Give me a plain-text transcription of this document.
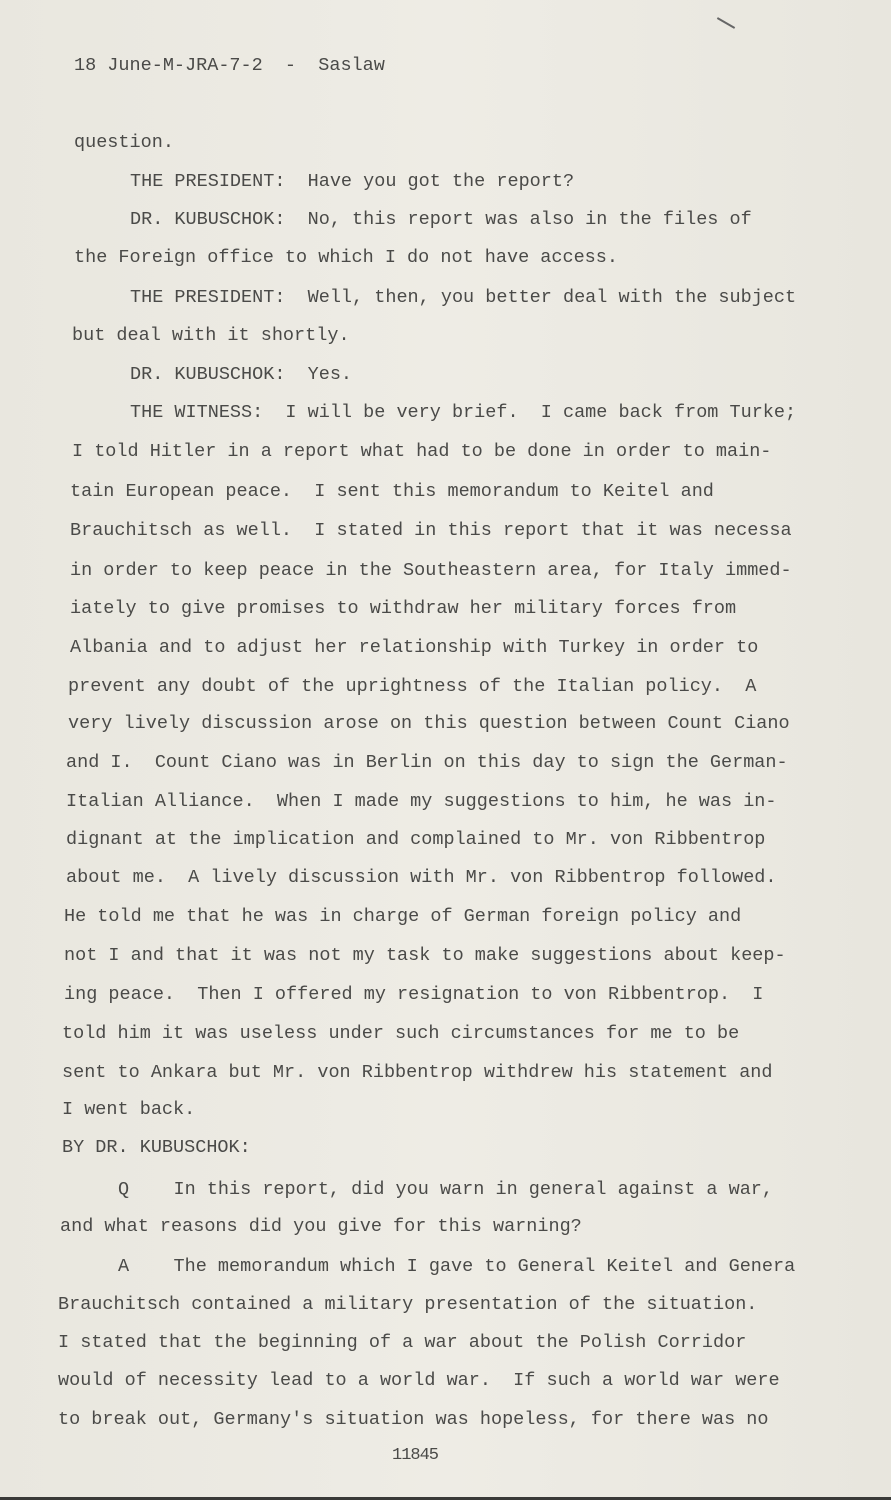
18 June-M-JRA-7-2  -  Saslaw
question.
THE PRESIDENT:  Have you got the report?
DR. KUBUSCHOK:  No, this report was also in the files of
the Foreign office to which I do not have access.
THE PRESIDENT:  Well, then, you better deal with the subject
but deal with it shortly.
DR. KUBUSCHOK:  Yes.
THE WITNESS:  I will be very brief.  I came back from Turke;
I told Hitler in a report what had to be done in order to main-
tain European peace.  I sent this memorandum to Keitel and
Brauchitsch as well.  I stated in this report that it was necessa
in order to keep peace in the Southeastern area, for Italy immed-
iately to give promises to withdraw her military forces from
Albania and to adjust her relationship with Turkey in order to
prevent any doubt of the uprightness of the Italian policy.  A
very lively discussion arose on this question between Count Ciano
and I.  Count Ciano was in Berlin on this day to sign the German-
Italian Alliance.  When I made my suggestions to him, he was in-
dignant at the implication and complained to Mr. von Ribbentrop
about me.  A lively discussion with Mr. von Ribbentrop followed.
He told me that he was in charge of German foreign policy and
not I and that it was not my task to make suggestions about keep-
ing peace.  Then I offered my resignation to von Ribbentrop.  I
told him it was useless under such circumstances for me to be
sent to Ankara but Mr. von Ribbentrop withdrew his statement and
I went back.
BY DR. KUBUSCHOK:
Q    In this report, did you warn in general against a war,
and what reasons did you give for this warning?
A    The memorandum which I gave to General Keitel and Genera
Brauchitsch contained a military presentation of the situation.
I stated that the beginning of a war about the Polish Corridor
would of necessity lead to a world war.  If such a world war were
to break out, Germany's situation was hopeless, for there was no
11845
